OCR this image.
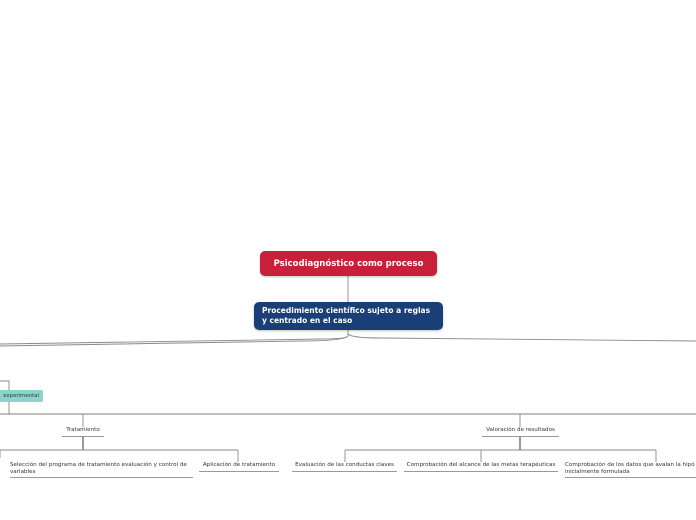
Psicodiagnóstico como proceso
Procedimiento científico sujeto a reglas y centrado en el caso
experimental
Tratamiento	Valoración de resultados
Selección del programa de tratamiento evaluación y control de variables
Aplicación de tratamiento	Evaluación de las conductas claves	Comprobación del alcance de las metas terapéuticas	Comprobación de los datos que avalan la hipó inicialmente formulada
